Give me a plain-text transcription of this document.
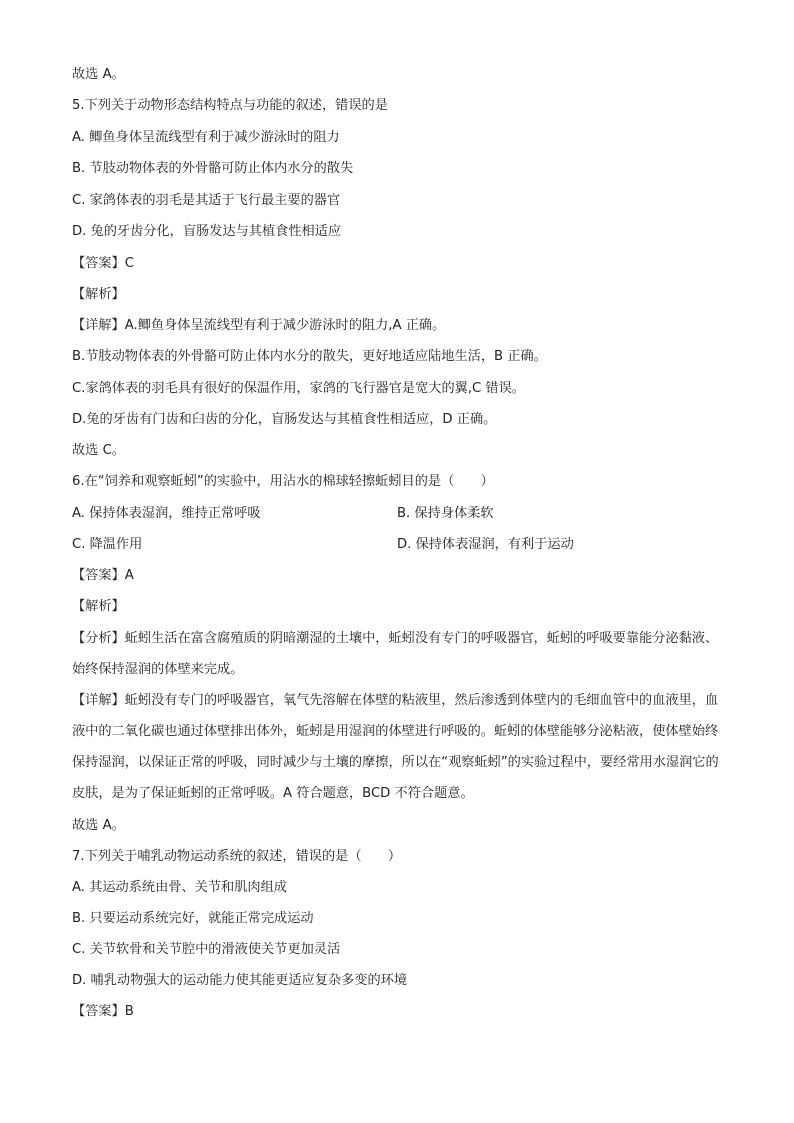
故选 A。
5.下列关于动物形态结构特点与功能的叙述，错误的是
A. 鲫鱼身体呈流线型有利于减少游泳时的阻力
B. 节肢动物体表的外骨骼可防止体内水分的散失
C. 家鸽体表的羽毛是其适于飞行最主要的器官
D. 兔的牙齿分化，盲肠发达与其植食性相适应
【答案】C
【解析】
【详解】A.鲫鱼身体呈流线型有利于减少游泳时的阻力,A 正确。
B.节肢动物体表的外骨骼可防止体内水分的散失，更好地适应陆地生活，B 正确。
C.家鸽体表的羽毛具有很好的保温作用，家鸽的飞行器官是宽大的翼,C 错误。
D.兔的牙齿有门齿和臼齿的分化，盲肠发达与其植食性相适应，D 正确。
故选 C。
6.在“饲养和观察蚯蚓”的实验中，用沾水的棉球轻擦蚯蚓目的是（　　）
A. 保持体表湿润，维持正常呼吸	B. 保持身体柔软
C. 降温作用	D. 保持体表湿润，有利于运动
【答案】A
【解析】
【分析】蚯蚓生活在富含腐殖质的阴暗潮湿的土壤中，蚯蚓没有专门的呼吸器官，蚯蚓的呼吸要靠能分泌黏液、始终保持湿润的体壁来完成。
【详解】蚯蚓没有专门的呼吸器官，氧气先溶解在体壁的粘液里，然后渗透到体壁内的毛细血管中的血液里，血液中的二氧化碳也通过体壁排出体外，蚯蚓是用湿润的体壁进行呼吸的。蚯蚓的体壁能够分泌粘液，使体壁始终保持湿润，以保证正常的呼吸，同时减少与土壤的摩擦，所以在“观察蚯蚓”的实验过程中，要经常用水湿润它的皮肤，是为了保证蚯蚓的正常呼吸。A 符合题意，BCD 不符合题意。
故选 A。
7.下列关于哺乳动物运动系统的叙述，错误的是（　　）
A. 其运动系统由骨、关节和肌肉组成
B. 只要运动系统完好，就能正常完成运动
C. 关节软骨和关节腔中的滑液使关节更加灵活
D. 哺乳动物强大的运动能力使其能更适应复杂多变的环境
【答案】B
